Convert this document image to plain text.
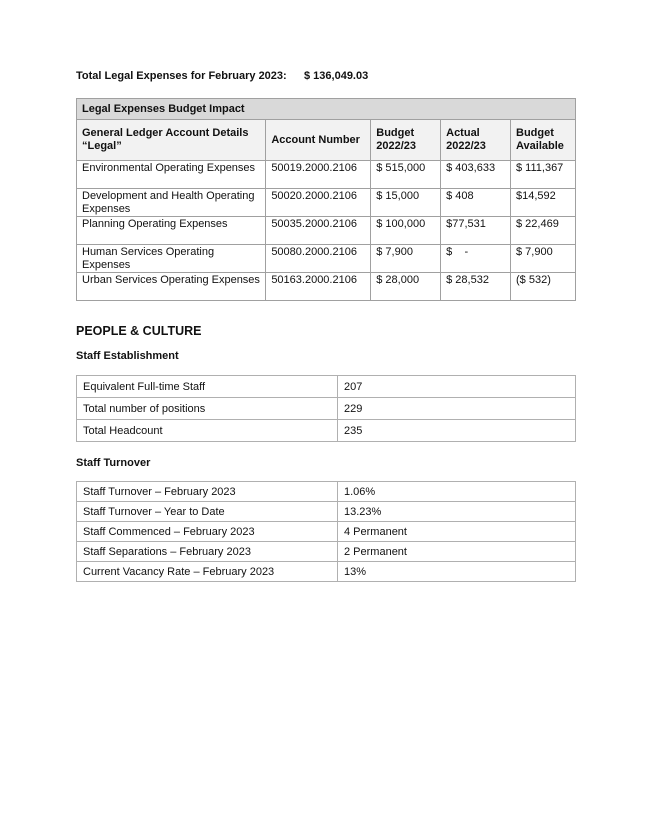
Total Legal Expenses for February 2023: $ 136,049.03
Legal Expenses Budget Impact				
General Ledger Account Details “Legal”	Account Number	Budget 2022/23	Actual 2022/23	Budget Available
Environmental Operating Expenses	50019.2000.2106	$ 515,000	$ 403,633	$ 111,367
Development and Health Operating Expenses	50020.2000.2106	$ 15,000	$ 408	$14,592
Planning Operating Expenses	50035.2000.2106	$ 100,000	$77,531	$ 22,469
Human Services Operating Expenses	50080.2000.2106	$ 7,900	$    -	$ 7,900
Urban Services Operating Expenses	50163.2000.2106	$ 28,000	$ 28,532	($ 532)
PEOPLE & CULTURE
Staff Establishment
Equivalent Full-time Staff	207
Total number of positions	229
Total Headcount	235
Staff Turnover
Staff Turnover – February 2023	1.06%
Staff Turnover – Year to Date	13.23%
Staff Commenced – February 2023	4 Permanent
Staff Separations – February 2023	2 Permanent
Current Vacancy Rate – February 2023	13%
